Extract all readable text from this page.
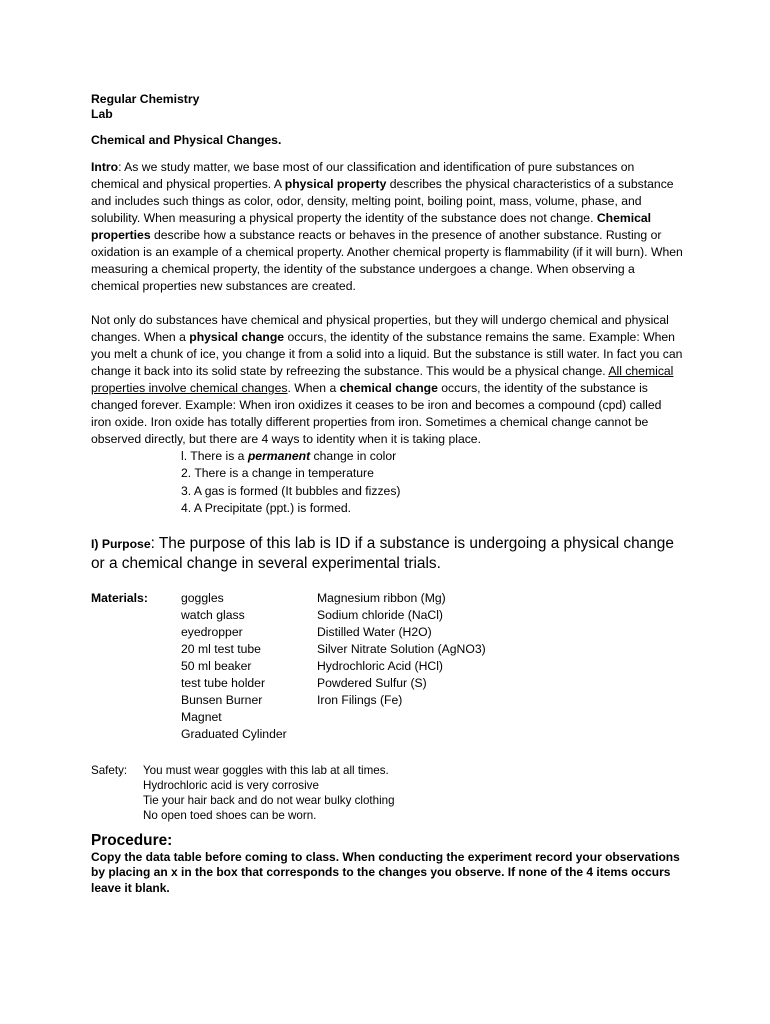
Regular Chemistry
Lab
Chemical and Physical Changes.

Intro: As we study matter, we base most of our classification and identification of pure substances on chemical and physical properties. A physical property describes the physical characteristics of a substance and includes such things as color, odor, density, melting point, boiling point, mass, volume, phase, and solubility. When measuring a physical property the identity of the substance does not change. Chemical properties describe how a substance reacts or behaves in the presence of another substance. Rusting or oxidation is an example of a chemical property. Another chemical property is flammability (if it will burn). When measuring a chemical property, the identity of the substance undergoes a change. When observing a chemical properties new substances are created.

Not only do substances have chemical and physical properties, but they will undergo chemical and physical changes. When a physical change occurs, the identity of the substance remains the same. Example: When you melt a chunk of ice, you change it from a solid into a liquid. But the substance is still water. In fact you can change it back into its solid state by refreezing the substance. This would be a physical change. All chemical properties involve chemical changes. When a chemical change occurs, the identity of the substance is changed forever. Example: When iron oxidizes it ceases to be iron and becomes a compound (cpd) called iron oxide. Iron oxide has totally different properties from iron. Sometimes a chemical change cannot be observed directly, but there are 4 ways to identity when it is taking place.

l. There is a permanent change in color
2. There is a change in temperature
3. A gas is formed (It bubbles and fizzes)
4. A Precipitate (ppt.) is formed.

I) Purpose: The purpose of this lab is ID if a substance is undergoing a physical change or a chemical change in several experimental trials.

Materials:	goggles
watch glass
eyedropper
20 ml test tube
50 ml beaker
test tube holder
Bunsen Burner
Magnet
Graduated Cylinder
Magnesium ribbon (Mg)
Sodium chloride (NaCl)
Distilled Water (H2O)
Silver Nitrate Solution (AgNO3)
Hydrochloric Acid (HCl)
Powdered Sulfur (S)
Iron Filings (Fe)
Safety: You must wear goggles with this lab at all times.
Hydrochloric acid is very corrosive
Tie your hair back and do not wear bulky clothing
No open toed shoes can be worn.
Procedure:
Copy the data table before coming to class. When conducting the experiment record your observations by placing an x in the box that corresponds to the changes you observe. If none of the 4 items occurs leave it blank.
